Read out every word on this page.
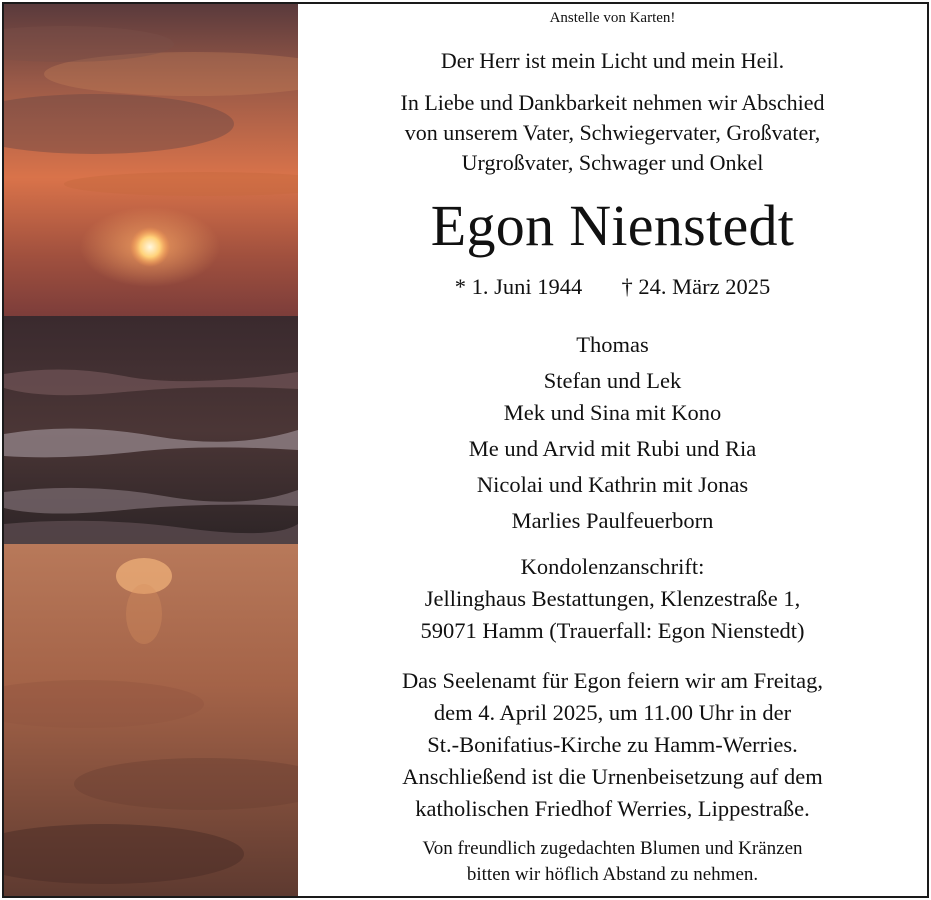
Anstelle von Karten!
Der Herr ist mein Licht und mein Heil.
In Liebe und Dankbarkeit nehmen wir Abschied
von unserem Vater, Schwiegervater, Großvater,
Urgroßvater, Schwager und Onkel
Egon Nienstedt
* 1. Juni 1944 † 24. März 2025
Thomas
Stefan und Lek
Mek und Sina mit Kono
Me und Arvid mit Rubi und Ria
Nicolai und Kathrin mit Jonas
Marlies Paulfeuerborn
Kondolenzanschrift:
Jellinghaus Bestattungen, Klenzestraße 1,
59071 Hamm (Trauerfall: Egon Nienstedt)
Das Seelenamt für Egon feiern wir am Freitag,
dem 4. April 2025, um 11.00 Uhr in der
St.-Bonifatius-Kirche zu Hamm-Werries.
Anschließend ist die Urnenbeisetzung auf dem
katholischen Friedhof Werries, Lippestraße.
Von freundlich zugedachten Blumen und Kränzen
bitten wir höflich Abstand zu nehmen.
